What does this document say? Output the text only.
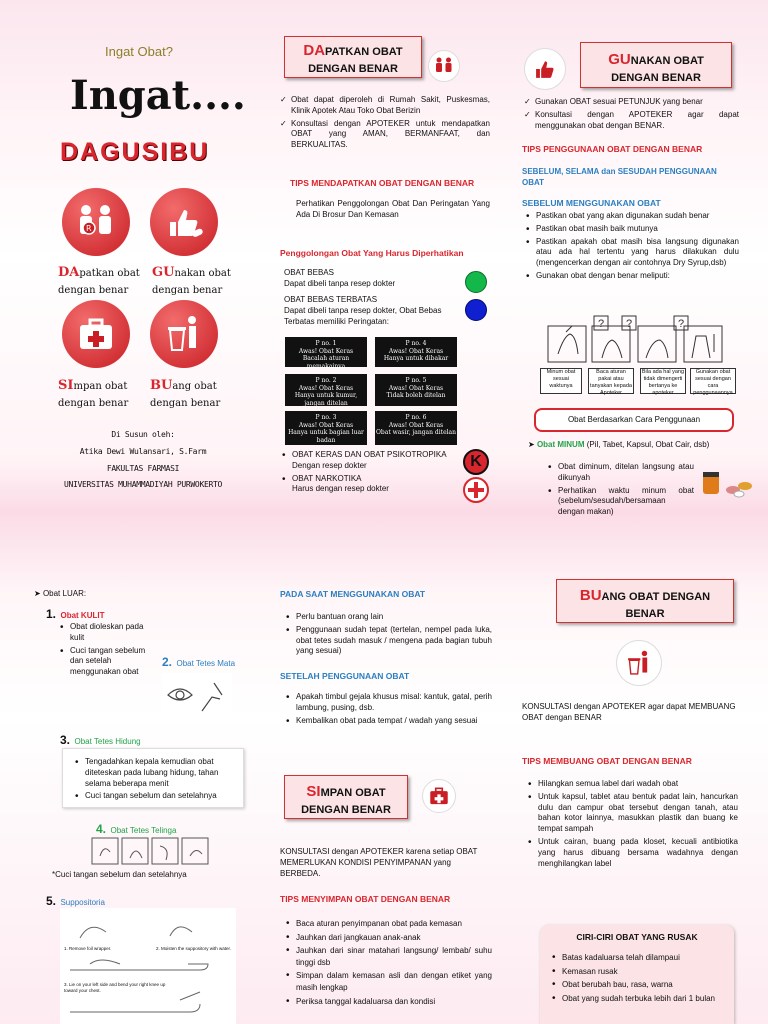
Ingat Obat?
Ingat....
DAGUSIBU
R
DApatkan obat
dengan benar
GUnakan obat
dengan benar
SImpan obat
dengan benar
BUang obat
dengan benar
Di Susun oleh:
Atika Dewi Wulansari, S.Farm
FAKULTAS FARMASI
UNIVERSITAS MUHAMMADIYAH PURWOKERTO
DAPATKAN OBAT
DENGAN BENAR
✓ Obat dapat diperoleh di Rumah Sakit, Puskesmas, Klinik Apotek Atau Toko Obat Berizin
✓ Konsultasi dengan APOTEKER untuk mendapatkan OBAT yang AMAN, BERMANFAAT, dan BERKUALITAS.
TIPS MENDAPATKAN OBAT DENGAN BENAR
Perhatikan Penggolongan Obat Dan Peringatan Yang Ada Di Brosur Dan Kemasan
Penggolongan Obat Yang Harus Diperhatikan
OBAT BEBAS
Dapat dibeli tanpa resep dokter
OBAT BEBAS TERBATAS
Dapat dibeli tanpa resep dokter, Obat Bebas Terbatas memiliki Peringatan:
P no. 1
Awas! Obat Keras
Bacalah aturan memakainya
P no. 4
Awas! Obat Keras
Hanya untuk dibakar
P no. 2
Awas! Obat Keras
Hanya untuk kumur, jangan ditelan
P no. 5
Awas! Obat Keras
Tidak boleh ditelan
P no. 3
Awas! Obat Keras
Hanya untuk bagian luar badan
P no. 6
Awas! Obat Keras
Obat wasir, jangan ditelan
• OBAT KERAS DAN OBAT PSIKOTROPIKA
Dengan resep dokter
• OBAT NARKOTIKA
Harus dengan resep dokter
K
GUNAKAN OBAT
DENGAN BENAR
✓ Gunakan OBAT sesuai PETUNJUK yang benar
✓ Konsultasi dengan APOTEKER agar dapat menggunakan obat dengan BENAR.
TIPS PENGGUNAAN OBAT DENGAN BENAR
SEBELUM, SELAMA dan SESUDAH PENGGUNAAN OBAT
SEBELUM MENGGUNAKAN OBAT
• Pastikan obat yang akan digunakan sudah benar
• Pastikan obat masih baik mutunya
• Pastikan apakah obat masih bisa langsung digunakan atau ada hal tertentu yang harus dilakukan dulu (mengencerkan dengan air contohnya Dry Syrup,dsb)
• Gunakan obat dengan benar meliputi:
? ?	?
Minum obat sesuai waktunya
Baca aturan pakai atau tanyakan kepada Apoteker
Bila ada hal yang tidak dimengerti bertanya ke apoteker
Gunakan obat sesuai dengan cara penggunaannya
Obat Berdasarkan Cara Penggunaan
➤ Obat MINUM (Pil, Tabet, Kapsul, Obat Cair, dsb)
• Obat diminum, ditelan langsung atau dikunyah
• Perhatikan waktu minum obat (sebelum/sesudah/bersamaan dengan makan)
➤ Obat LUAR:
1. Obat KULIT
• Obat dioleskan pada kulit
• Cuci tangan sebelum dan setelah menggunakan obat
2. Obat Tetes Mata
3. Obat Tetes Hidung
• Tengadahkan kepala kemudian obat diteteskan pada lubang hidung, tahan selama beberapa menit
• Cuci tangan sebelum dan setelahnya
4. Obat Tetes Telinga
*Cuci tangan sebelum dan setelahnya
5. Suppositoria
1. Remove foil wrapper.	2. Moisten the suppository with water.
3. Lie on your left side and bend your right knee up toward your chest.
PADA SAAT MENGGUNAKAN OBAT
• Perlu bantuan orang lain
• Penggunaan sudah tepat (tertelan, nempel pada luka, obat tetes sudah masuk / mengena pada bagian tubuh yang sesuai)
SETELAH PENGGUNAAN OBAT
• Apakah timbul gejala khusus misal: kantuk, gatal, perih lambung, pusing, dsb.
• Kembalikan obat pada tempat / wadah yang sesuai
SIMPAN OBAT
DENGAN BENAR
KONSULTASI dengan APOTEKER karena setiap OBAT MEMERLUKAN KONDISI PENYIMPANAN yang BERBEDA.
TIPS MENYIMPAN OBAT DENGAN BENAR
• Baca aturan penyimpanan obat pada kemasan
• Jauhkan dari jangkauan anak-anak
• Jauhkan dari sinar matahari langsung/ lembab/ suhu tinggi dsb
• Simpan dalam kemasan asli dan dengan etiket yang masih lengkap
• Periksa tanggal kadaluarsa dan kondisi
BUANG OBAT DENGAN
BENAR
KONSULTASI dengan APOTEKER agar dapat MEMBUANG OBAT dengan BENAR
TIPS MEMBUANG OBAT DENGAN BENAR
• Hilangkan semua label dari wadah obat
• Untuk kapsul, tablet atau bentuk padat lain, hancurkan dulu dan campur obat tersebut dengan tanah, atau bahan kotor lainnya, masukkan plastik dan buang ke tempat sampah
• Untuk cairan, buang pada kloset, kecuali antibiotika yang harus dibuang bersama wadahnya dengan menghilangkan label
CIRI-CIRI OBAT YANG RUSAK
• Batas kadaluarsa telah dilampaui
• Kemasan rusak
• Obat berubah bau, rasa, warna
• Obat yang sudah terbuka lebih dari 1 bulan
